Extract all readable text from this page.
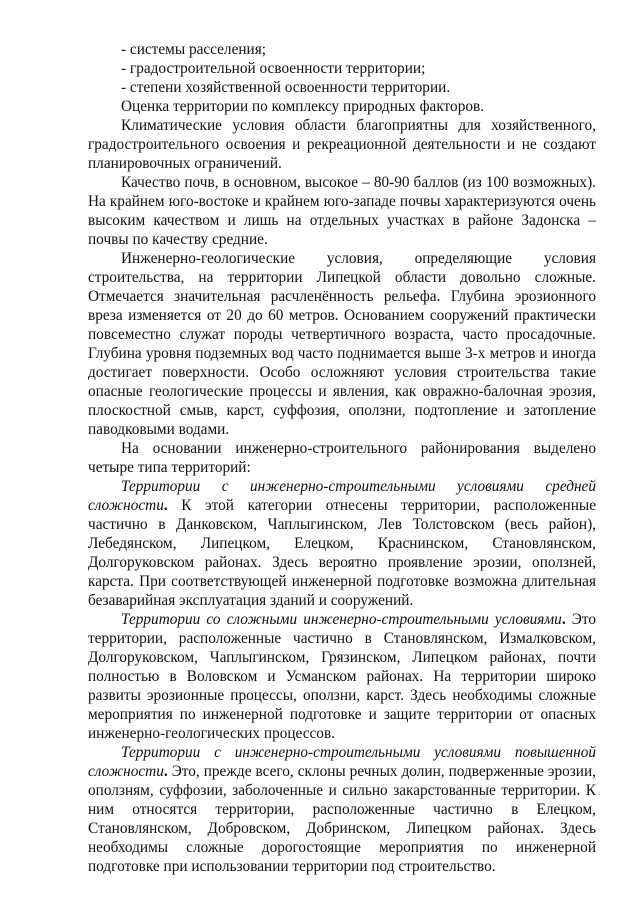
- системы расселения;
- градостроительной освоенности территории;
- степени хозяйственной освоенности территории.
Оценка территории по комплексу природных факторов.

Климатические условия области благоприятны для хозяйственного, градостроительного освоения и рекреационной деятельности и не создают планировочных ограничений.

Качество почв, в основном, высокое – 80-90 баллов (из 100 возможных). На крайнем юго-востоке и крайнем юго-западе почвы характеризуются очень высоким качеством и лишь на отдельных участках в районе Задонска – почвы по качеству средние.

Инженерно-геологические условия, определяющие условия строительства, на территории Липецкой области довольно сложные. Отмечается значительная расчленённость рельефа. Глубина эрозионного вреза изменяется от 20 до 60 метров. Основанием сооружений практически повсеместно служат породы четвертичного возраста, часто просадочные. Глубина уровня подземных вод часто поднимается выше 3-х метров и иногда достигает поверхности. Особо осложняют условия строительства такие опасные геологические процессы и явления, как овражно-балочная эрозия, плоскостной смыв, карст, суффозия, оползни, подтопление и затопление паводковыми водами.

На основании инженерно-строительного районирования выделено четыре типа территорий:

Территории с инженерно-строительными условиями средней сложности. К этой категории отнесены территории, расположенные частично в Данковском, Чаплыгинском, Лев Толстовском (весь район), Лебедянском, Липецком, Елецком, Краснинском, Становлянском, Долгоруковском районах. Здесь вероятно проявление эрозии, оползней, карста. При соответствующей инженерной подготовке возможна длительная безаварийная эксплуатация зданий и сооружений.

Территории со сложными инженерно-строительными условиями. Это территории, расположенные частично в Становлянском, Измалковском, Долгоруковском, Чаплыгинском, Грязинском, Липецком районах, почти полностью в Воловском и Усманском районах. На территории широко развиты эрозионные процессы, оползни, карст. Здесь необходимы сложные мероприятия по инженерной подготовке и защите территории от опасных инженерно-геологических процессов.

Территории с инженерно-строительными условиями повышенной сложности. Это, прежде всего, склоны речных долин, подверженные эрозии, оползням, суффозии, заболоченные и сильно закарстованные территории. К ним относятся территории, расположенные частично в Елецком, Становлянском, Добровском, Добринском, Липецком районах. Здесь необходимы сложные дорогостоящие мероприятия по инженерной подготовке при использовании территории под строительство.
